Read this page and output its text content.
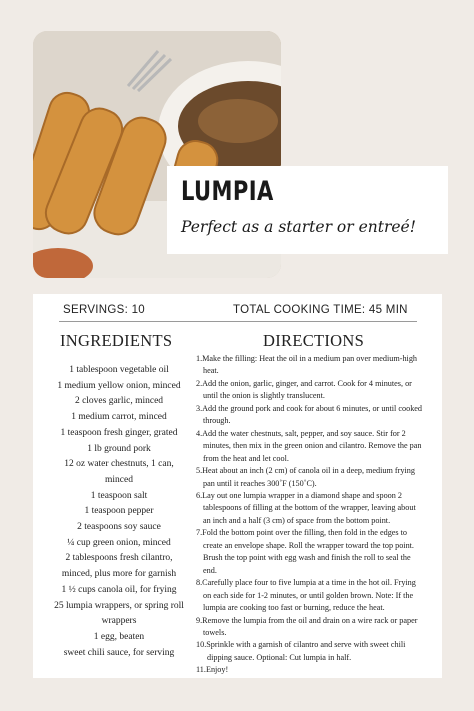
LUMPIA
Perfect as a starter or entreé!
SERVINGS: 10	TOTAL COOKING TIME: 45 MIN
INGREDIENTS	DIRECTIONS
1 tablespoon vegetable oil
1 medium yellow onion, minced
2 cloves garlic, minced
1 medium carrot, minced
1 teaspoon fresh ginger, grated
1 lb ground pork
12 oz water chestnuts, 1 can,
minced
1 teaspoon salt
1 teaspoon pepper
2 teaspoons soy sauce
¼ cup green onion, minced
2 tablespoons fresh cilantro,
minced, plus more for garnish
1 ½ cups canola oil, for frying
25 lumpia wrappers, or spring roll
wrappers
1 egg, beaten
sweet chili sauce, for serving
1. Make the filling: Heat the oil in a medium pan over medium-high
heat.
2. Add the onion, garlic, ginger, and carrot. Cook for 4 minutes, or
until the onion is slightly translucent.
3. Add the ground pork and cook for about 6 minutes, or until cooked
through.
4. Add the water chestnuts, salt, pepper, and soy sauce. Stir for 2
minutes, then mix in the green onion and cilantro. Remove the pan
from the heat and let cool.
5. Heat about an inch (2 cm) of canola oil in a deep, medium frying
pan until it reaches 300˚F (150˚C).
6. Lay out one lumpia wrapper in a diamond shape and spoon 2
tablespoons of filling at the bottom of the wrapper, leaving about
an inch and a half (3 cm) of space from the bottom point.
7. Fold the bottom point over the filling, then fold in the edges to
create an envelope shape. Roll the wrapper toward the top point.
Brush the top point with egg wash and finish the roll to seal the
end.
8. Carefully place four to five lumpia at a time in the hot oil. Frying
on each side for 1-2 minutes, or until golden brown. Note: If the
lumpia are cooking too fast or burning, reduce the heat.
9. Remove the lumpia from the oil and drain on a wire rack or paper
towels.
10. Sprinkle with a garnish of cilantro and serve with sweet chili
dipping sauce. Optional: Cut lumpia in half.
11. Enjoy!
